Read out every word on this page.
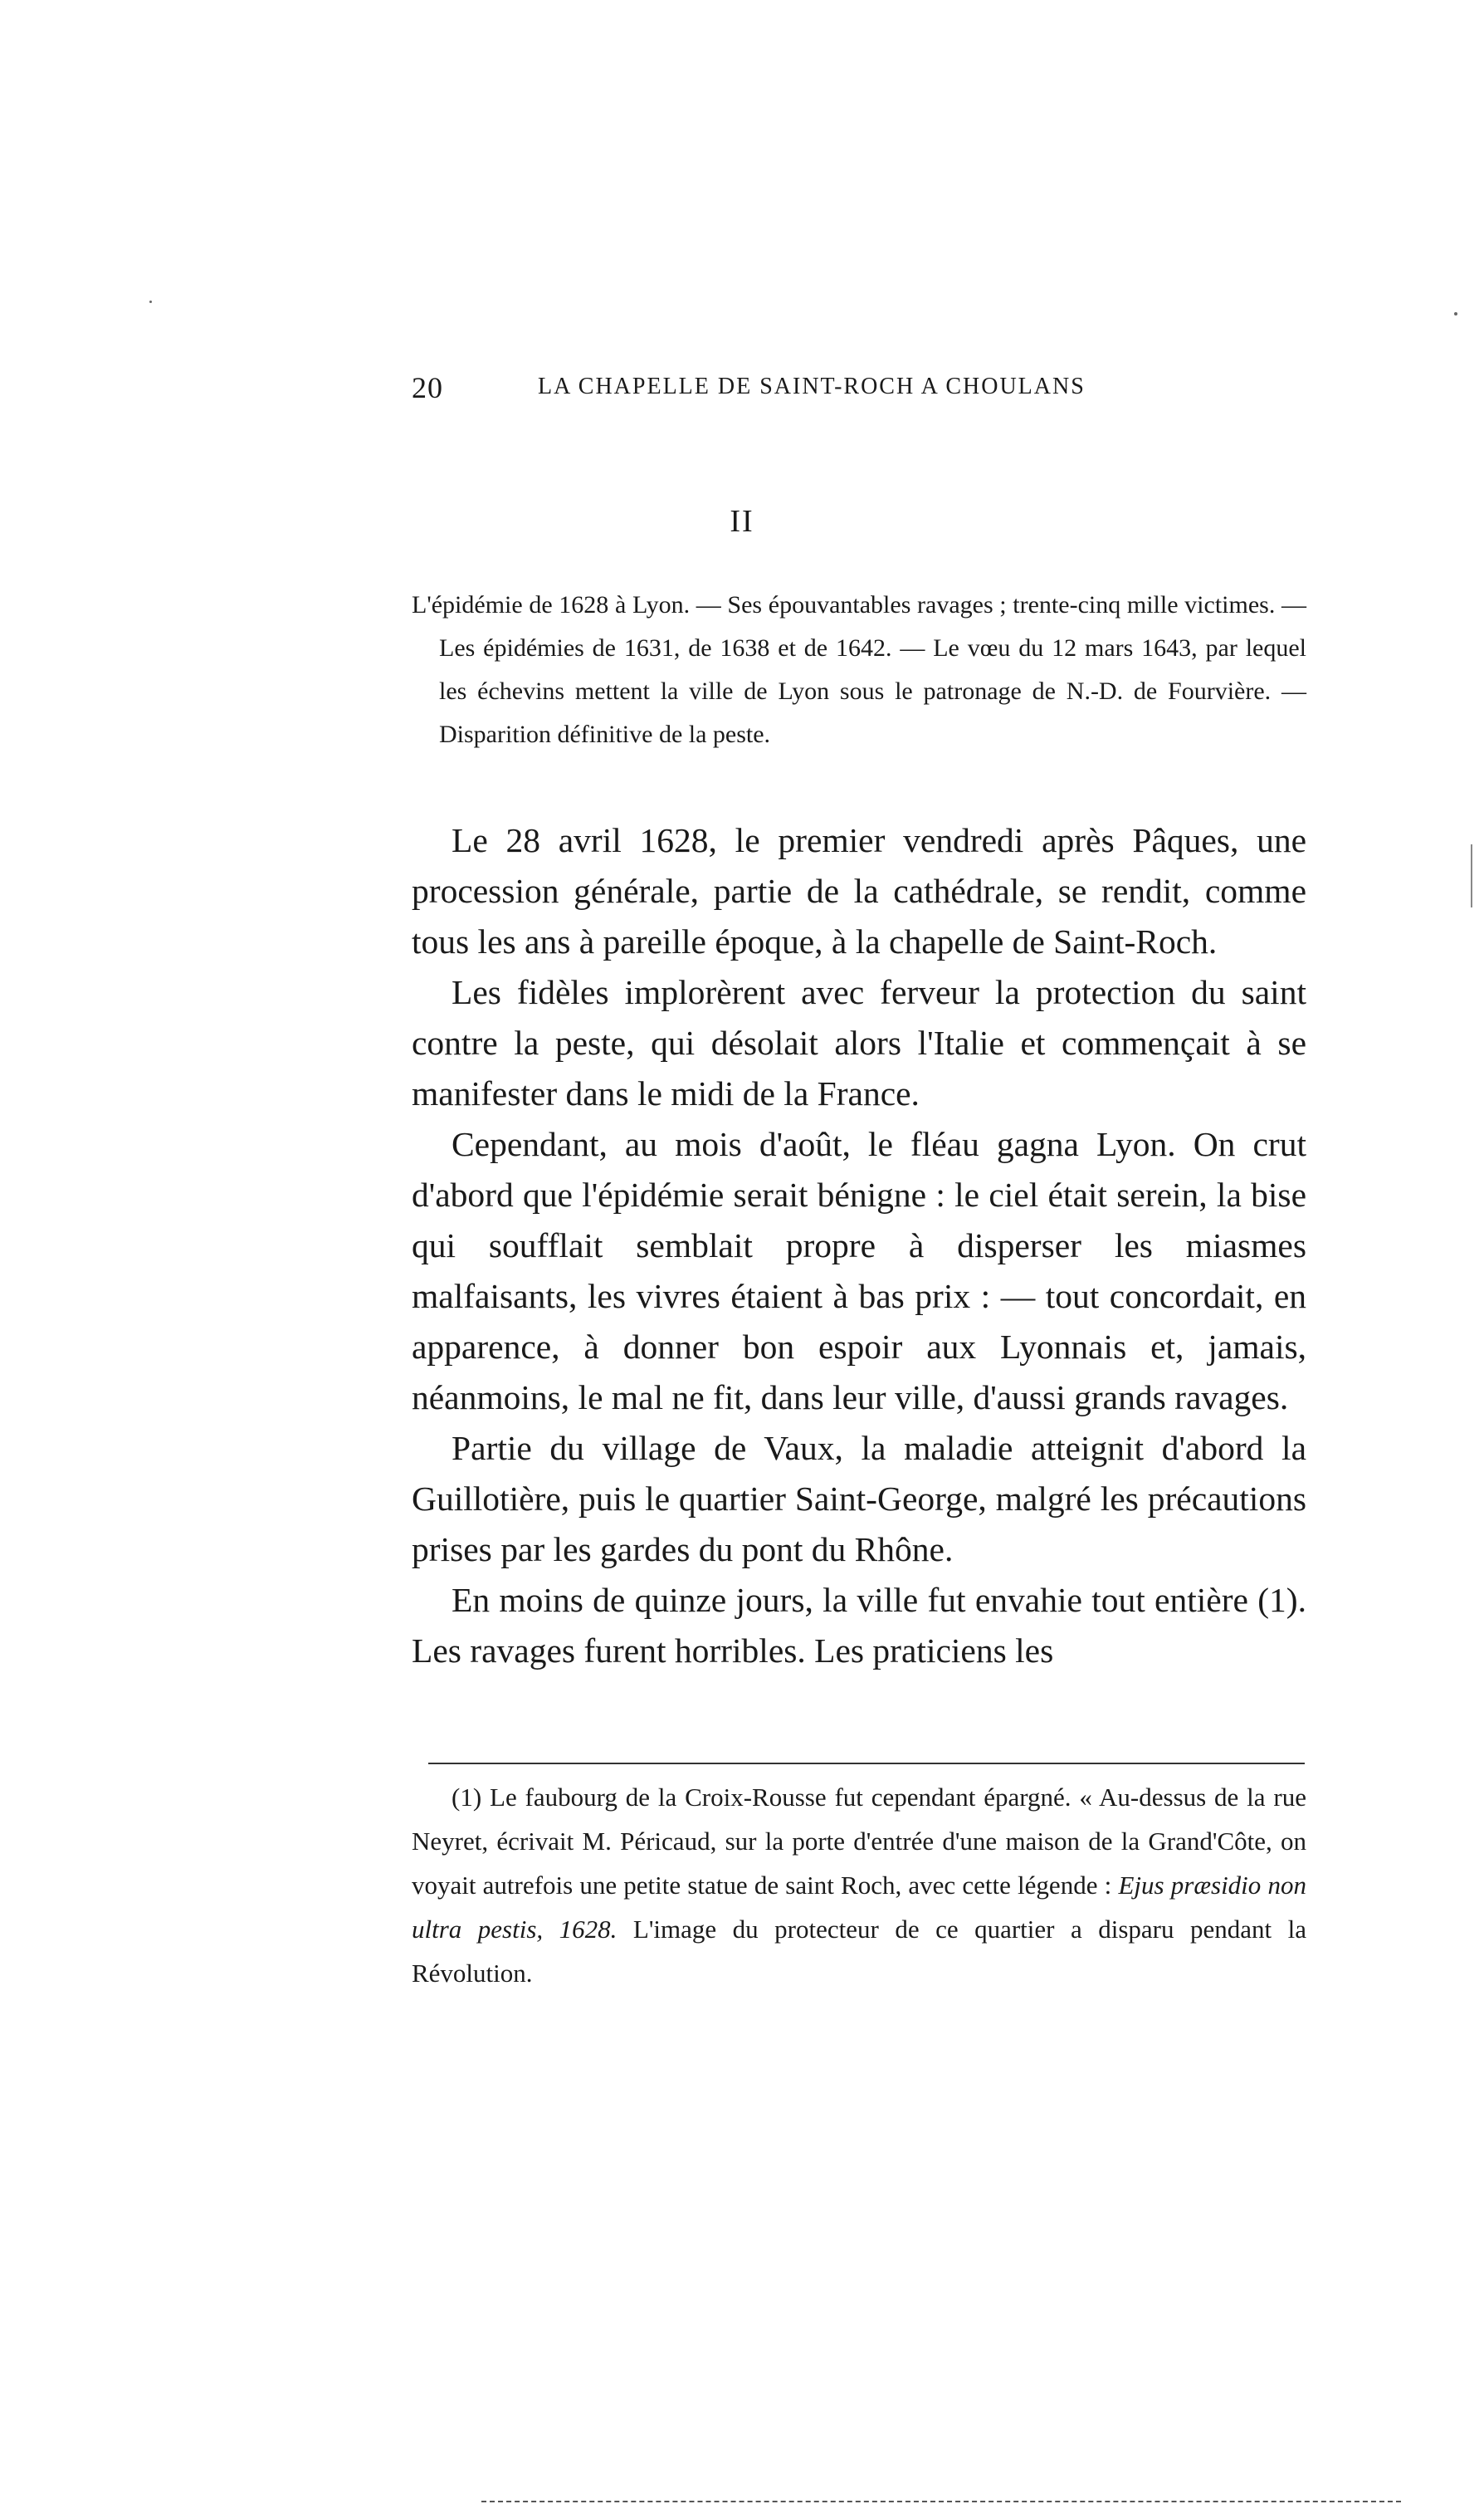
20	LA CHAPELLE DE SAINT-ROCH A CHOULANS
II

L'épidémie de 1628 à Lyon. — Ses épouvantables ravages ; trente-cinq mille victimes. — Les épidémies de 1631, de 1638 et de 1642. — Le vœu du 12 mars 1643, par lequel les échevins mettent la ville de Lyon sous le patronage de N.-D. de Fourvière. — Disparition définitive de la peste.

Le 28 avril 1628, le premier vendredi après Pâques, une procession générale, partie de la cathédrale, se rendit, comme tous les ans à pareille époque, à la chapelle de Saint-Roch.

Les fidèles implorèrent avec ferveur la protection du saint contre la peste, qui désolait alors l'Italie et commençait à se manifester dans le midi de la France.

Cependant, au mois d'août, le fléau gagna Lyon. On crut d'abord que l'épidémie serait bénigne : le ciel était serein, la bise qui soufflait semblait propre à disperser les miasmes malfaisants, les vivres étaient à bas prix : — tout concordait, en apparence, à donner bon espoir aux Lyonnais et, jamais, néanmoins, le mal ne fit, dans leur ville, d'aussi grands ravages.

Partie du village de Vaux, la maladie atteignit d'abord la Guillotière, puis le quartier Saint-George, malgré les précautions prises par les gardes du pont du Rhône.

En moins de quinze jours, la ville fut envahie tout entière (1). Les ravages furent horribles. Les praticiens les

(1) Le faubourg de la Croix-Rousse fut cependant épargné. « Au-dessus de la rue Neyret, écrivait M. Péricaud, sur la porte d'entrée d'une maison de la Grand'Côte, on voyait autrefois une petite statue de saint Roch, avec cette légende : Ejus præsidio non ultra pestis, 1628. L'image du protecteur de ce quartier a disparu pendant la Révolution.
